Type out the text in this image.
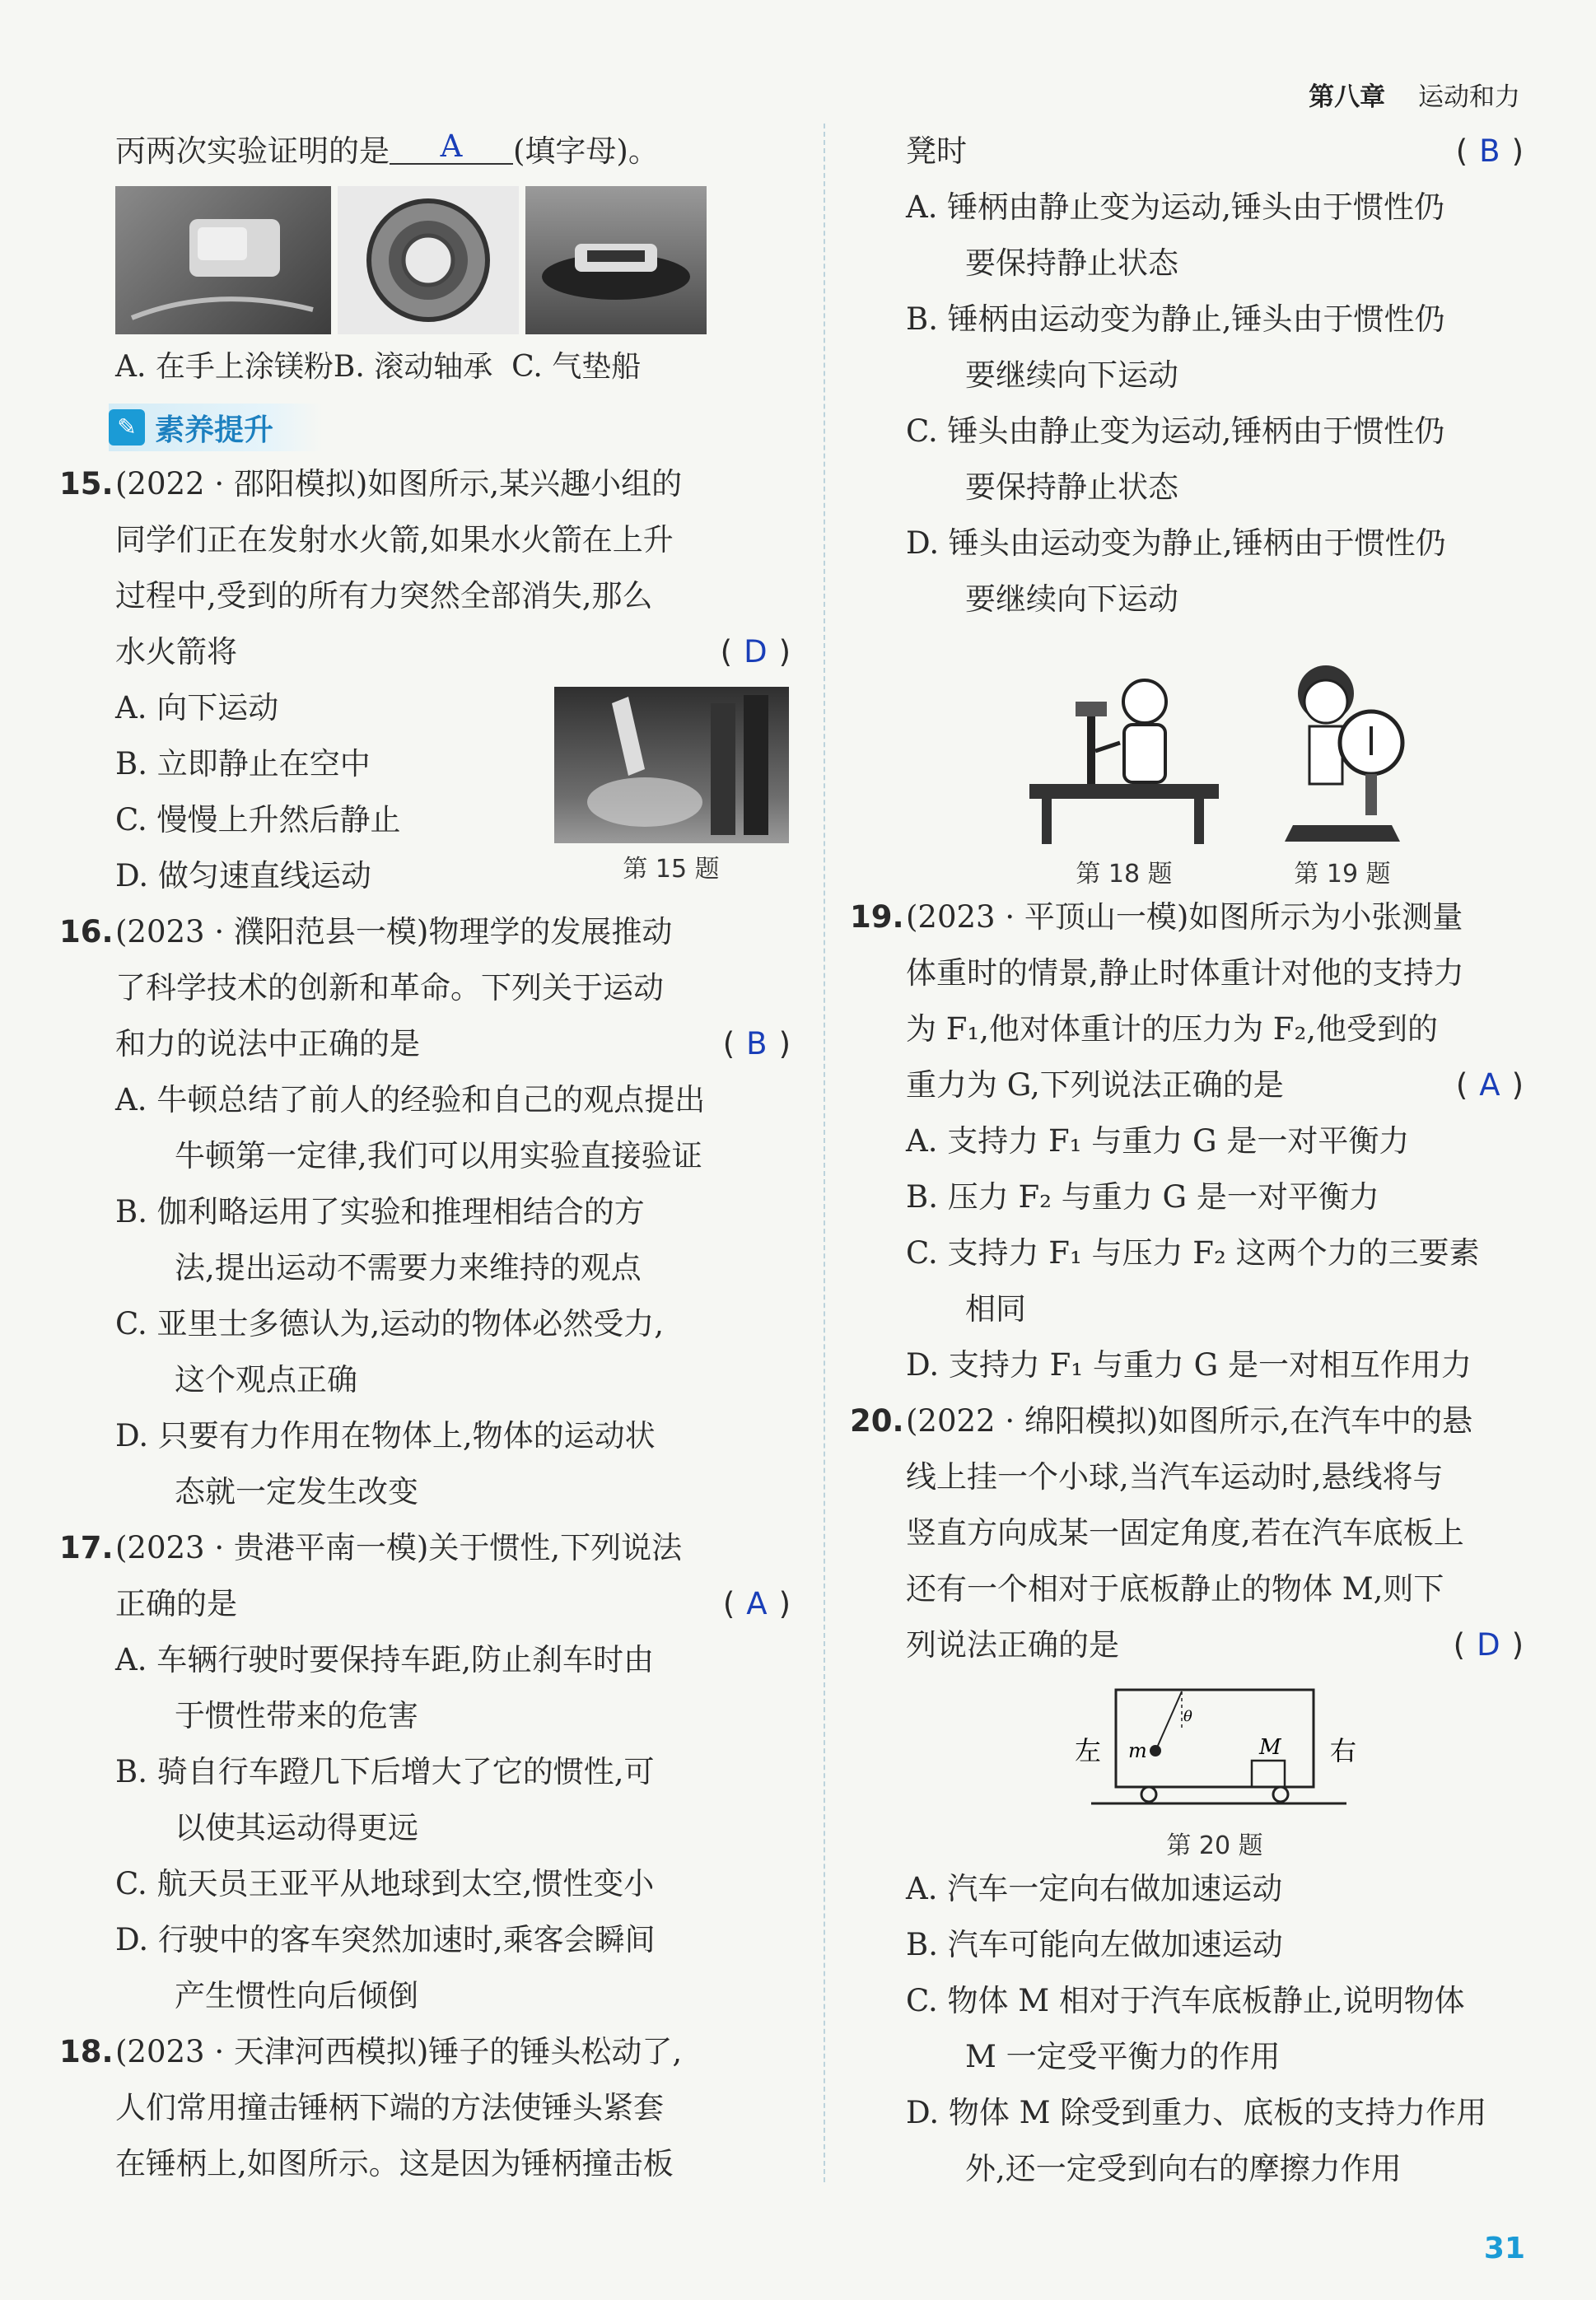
第八章 运动和力
丙两次实验证明的是 A (填字母)。
A. 在手上涂镁粉B. 滚动轴承 C. 气垫船
✎ 素养提升
15. (2022 · 邵阳模拟)如图所示,某兴趣小组的
同学们正在发射水火箭,如果水火箭在上升
过程中,受到的所有力突然全部消失,那么
水火箭将	( D )
A. 向下运动
B. 立即静止在空中
C. 慢慢上升然后静止
D. 做匀速直线运动	第 15 题
16. (2023 · 濮阳范县一模)物理学的发展推动
了科学技术的创新和革命。下列关于运动
和力的说法中正确的是	( B )
A. 牛顿总结了前人的经验和自己的观点提出
牛顿第一定律,我们可以用实验直接验证
B. 伽利略运用了实验和推理相结合的方
法,提出运动不需要力来维持的观点
C. 亚里士多德认为,运动的物体必然受力,
这个观点正确
D. 只要有力作用在物体上,物体的运动状
态就一定发生改变
17. (2023 · 贵港平南一模)关于惯性,下列说法
正确的是	( A )
A. 车辆行驶时要保持车距,防止刹车时由
于惯性带来的危害
B. 骑自行车蹬几下后增大了它的惯性,可
以使其运动得更远
C. 航天员王亚平从地球到太空,惯性变小
D. 行驶中的客车突然加速时,乘客会瞬间
产生惯性向后倾倒
18. (2023 · 天津河西模拟)锤子的锤头松动了,
人们常用撞击锤柄下端的方法使锤头紧套
在锤柄上,如图所示。这是因为锤柄撞击板
凳时	( B )
A. 锤柄由静止变为运动,锤头由于惯性仍
要保持静止状态
B. 锤柄由运动变为静止,锤头由于惯性仍
要继续向下运动
C. 锤头由静止变为运动,锤柄由于惯性仍
要保持静止状态
D. 锤头由运动变为静止,锤柄由于惯性仍
要继续向下运动
第 18 题	第 19 题
19. (2023 · 平顶山一模)如图所示为小张测量
体重时的情景,静止时体重计对他的支持力
为 F₁,他对体重计的压力为 F₂,他受到的
重力为 G,下列说法正确的是	( A )
A. 支持力 F₁ 与重力 G 是一对平衡力
B. 压力 F₂ 与重力 G 是一对平衡力
C. 支持力 F₁ 与压力 F₂ 这两个力的三要素
相同
D. 支持力 F₁ 与重力 G 是一对相互作用力
20. (2022 · 绵阳模拟)如图所示,在汽车中的悬
线上挂一个小球,当汽车运动时,悬线将与
竖直方向成某一固定角度,若在汽车底板上
还有一个相对于底板静止的物体 M,则下
列说法正确的是	( D )
左	右
θ
m	M
第 20 题
A. 汽车一定向右做加速运动
B. 汽车可能向左做加速运动
C. 物体 M 相对于汽车底板静止,说明物体
M 一定受平衡力的作用
D. 物体 M 除受到重力、底板的支持力作用
外,还一定受到向右的摩擦力作用
31
